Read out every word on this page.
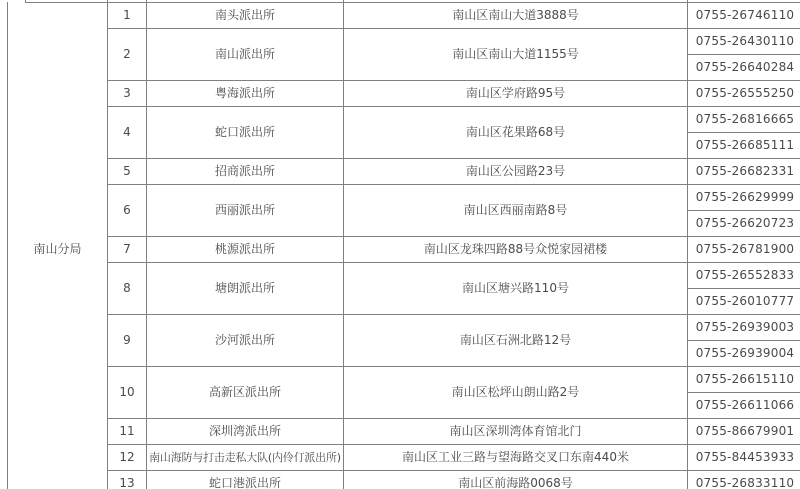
南山分局	1	南头派出所	南山区南山大道3888号	0755-26746110
	2	南山派出所	南山区南山大道1155号	0755-26430110
				0755-26640284
	3	粤海派出所	南山区学府路95号	0755-26555250
	4	蛇口派出所	南山区花果路68号	0755-26816665
				0755-26685111
	5	招商派出所	南山区公园路23号	0755-26682331
	6	西丽派出所	南山区西丽南路8号	0755-26629999
				0755-26620723
	7	桃源派出所	南山区龙珠四路88号众悦家园裙楼	0755-26781900
	8	塘朗派出所	南山区塘兴路110号	0755-26552833
				0755-26010777
	9	沙河派出所	南山区石洲北路12号	0755-26939003
				0755-26939004
	10	高新区派出所	南山区松坪山朗山路2号	0755-26615110
				0755-26611066
	11	深圳湾派出所	南山区深圳湾体育馆北门	0755-86679901
	12	南山海防与打击走私大队(内伶仃派出所)	南山区工业三路与望海路交叉口东南440米	0755-84453933
	13	蛇口港派出所	南山区前海路0068号	0755-26833110
